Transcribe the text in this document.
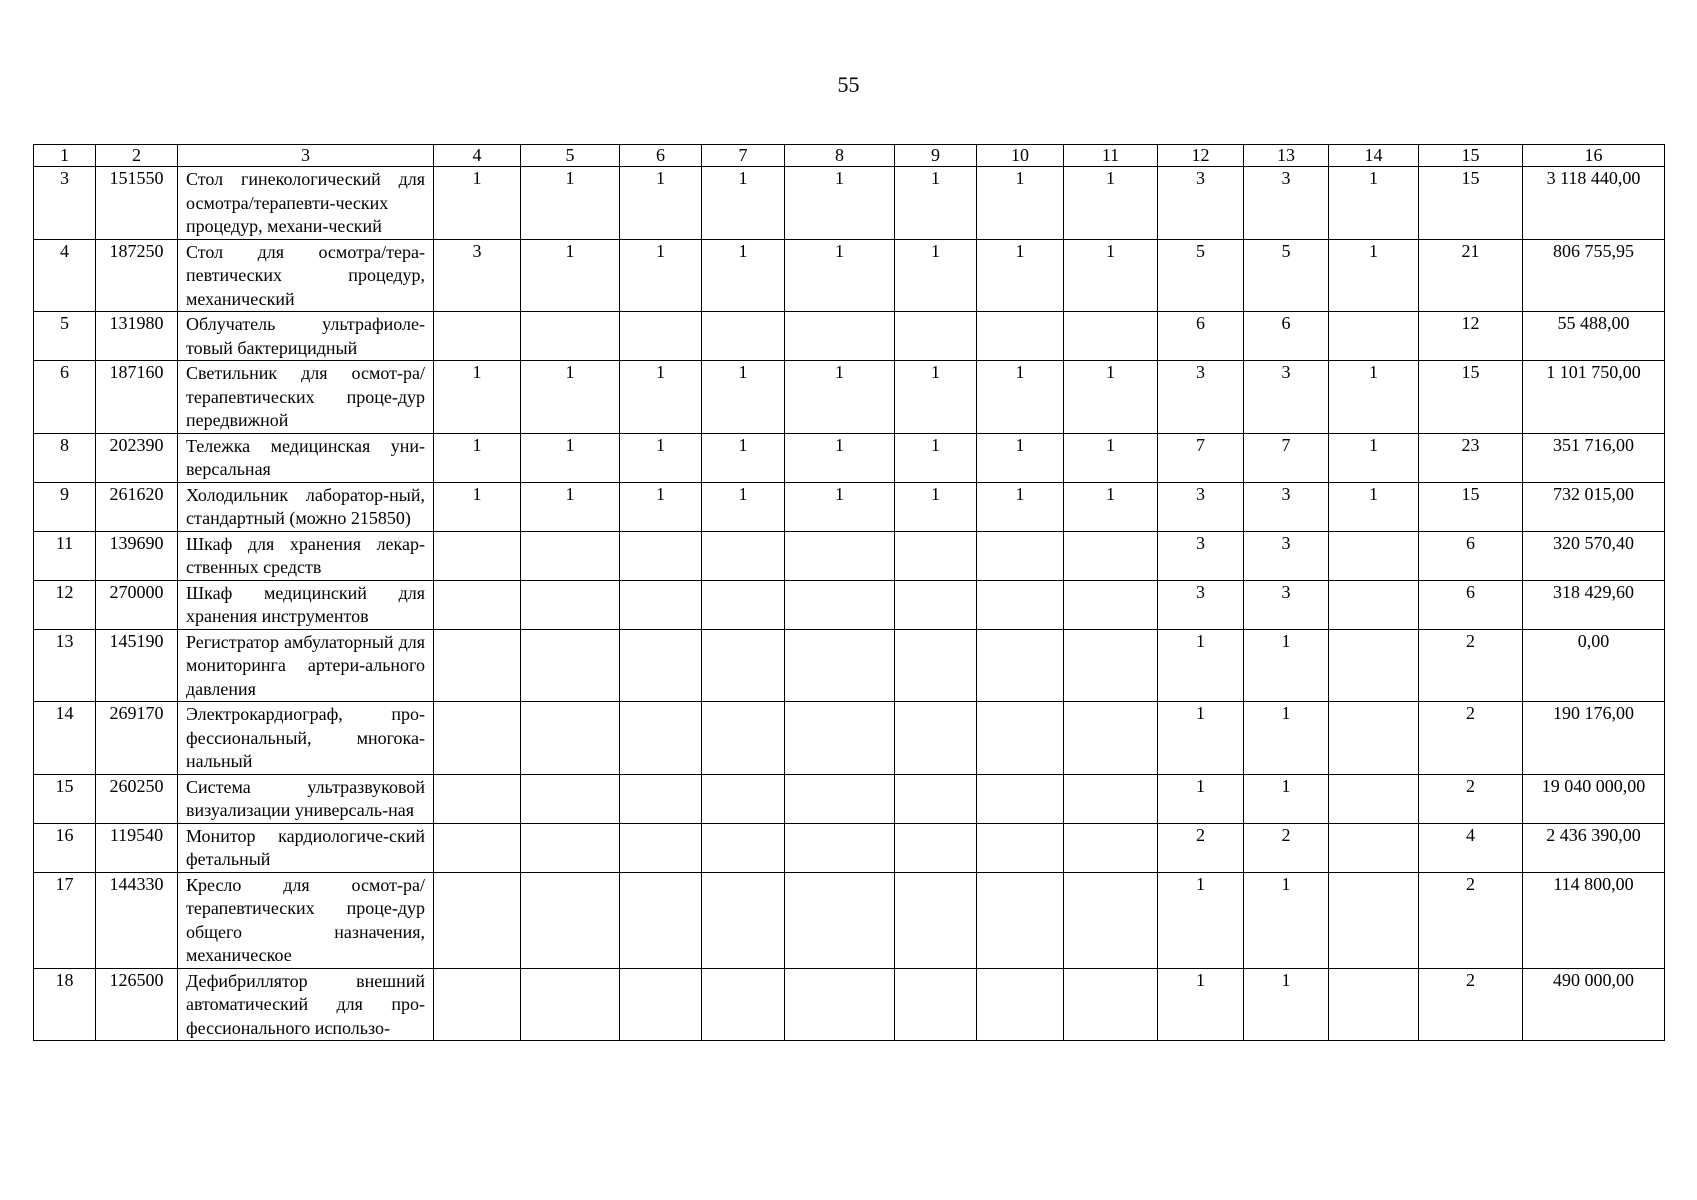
55
1	2	3	4	5	6	7	8	9	10	11	12	13	14	15	16
3	151550	Стол гинекологический для осмотра/терапевти-ческих процедур, механи-ческий	1	1	1	1	1	1	1	1	3	3	1	15	3 118 440,00
4	187250	Стол для осмотра/тера-певтических процедур, механический	3	1	1	1	1	1	1	1	5	5	1	21	806 755,95
5	131980	Облучатель ультрафиоле-товый бактерицидный									6	6		12	55 488,00
6	187160	Светильник для осмот-ра/терапевтических проце-дур передвижной	1	1	1	1	1	1	1	1	3	3	1	15	1 101 750,00
8	202390	Тележка медицинская уни-версальная	1	1	1	1	1	1	1	1	7	7	1	23	351 716,00
9	261620	Холодильник лаборатор-ный, стандартный (можно 215850)	1	1	1	1	1	1	1	1	3	3	1	15	732 015,00
11	139690	Шкаф для хранения лекар-ственных средств									3	3		6	320 570,40
12	270000	Шкаф медицинский для хранения инструментов									3	3		6	318 429,60
13	145190	Регистратор амбулаторный для мониторинга артери-ального давления									1	1		2	0,00
14	269170	Электрокардиограф, про-фессиональный, многока-нальный									1	1		2	190 176,00
15	260250	Система ультразвуковой визуализации универсаль-ная									1	1		2	19 040 000,00
16	119540	Монитор кардиологиче-ский фетальный									2	2		4	2 436 390,00
17	144330	Кресло для осмот-ра/терапевтических проце-дур общего назначения, механическое									1	1		2	114 800,00
18	126500	Дефибриллятор внешний автоматический для про-фессионального использо-									1	1		2	490 000,00
